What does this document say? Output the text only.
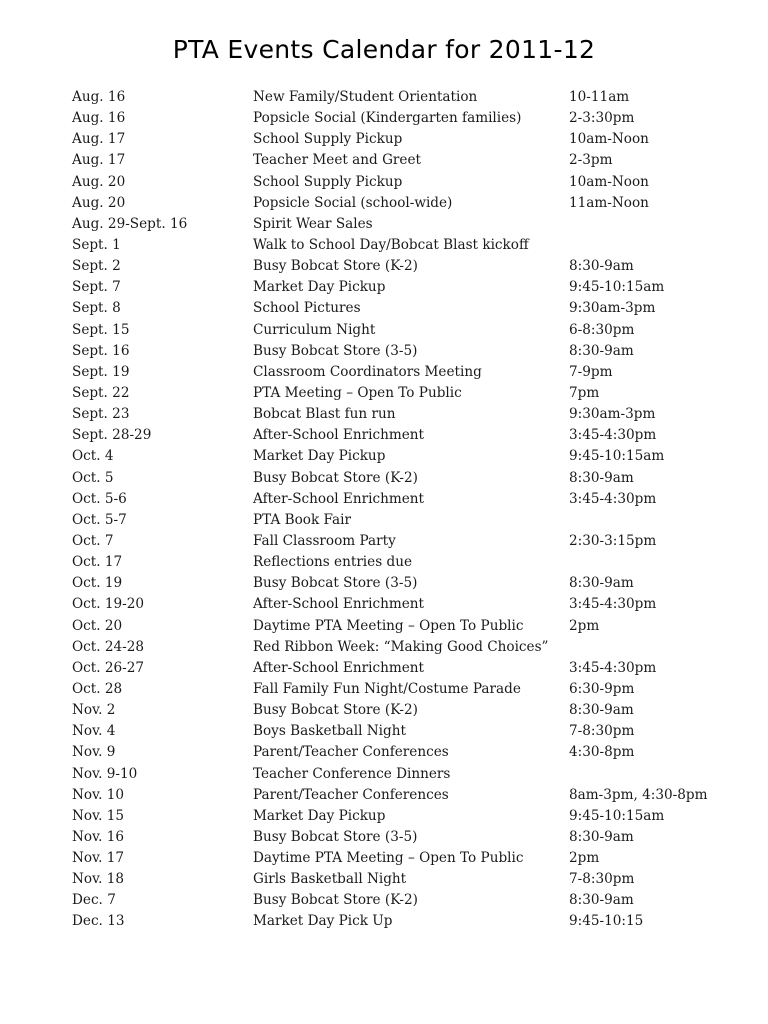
PTA Events Calendar for 2011-12
Aug. 16	New Family/Student Orientation	10-11am
Aug. 16	Popsicle Social (Kindergarten families)	2-3:30pm
Aug. 17	School Supply Pickup	10am-Noon
Aug. 17	Teacher Meet and Greet	2-3pm
Aug. 20	School Supply Pickup	10am-Noon
Aug. 20	Popsicle Social (school-wide)	11am-Noon
Aug. 29-Sept. 16	Spirit Wear Sales
Sept. 1	Walk to School Day/Bobcat Blast kickoff
Sept. 2	Busy Bobcat Store (K-2)	8:30-9am
Sept. 7	Market Day Pickup	9:45-10:15am
Sept. 8	School Pictures	9:30am-3pm
Sept. 15	Curriculum Night	6-8:30pm
Sept. 16	Busy Bobcat Store (3-5)	8:30-9am
Sept. 19	Classroom Coordinators Meeting	7-9pm
Sept. 22	PTA Meeting – Open To Public	7pm
Sept. 23	Bobcat Blast fun run	9:30am-3pm
Sept. 28-29	After-School Enrichment	3:45-4:30pm
Oct. 4	Market Day Pickup	9:45-10:15am
Oct. 5	Busy Bobcat Store (K-2)	8:30-9am
Oct. 5-6	After-School Enrichment	3:45-4:30pm
Oct. 5-7	PTA Book Fair
Oct. 7	Fall Classroom Party	2:30-3:15pm
Oct. 17	Reflections entries due
Oct. 19	Busy Bobcat Store (3-5)	8:30-9am
Oct. 19-20	After-School Enrichment	3:45-4:30pm
Oct. 20	Daytime PTA Meeting – Open To Public	2pm
Oct. 24-28	Red Ribbon Week: “Making Good Choices”
Oct. 26-27	After-School Enrichment	3:45-4:30pm
Oct. 28	Fall Family Fun Night/Costume Parade	6:30-9pm
Nov. 2	Busy Bobcat Store (K-2)	8:30-9am
Nov. 4	Boys Basketball Night	7-8:30pm
Nov. 9	Parent/Teacher Conferences	4:30-8pm
Nov. 9-10	Teacher Conference Dinners
Nov. 10	Parent/Teacher Conferences	8am-3pm, 4:30-8pm
Nov. 15	Market Day Pickup	9:45-10:15am
Nov. 16	Busy Bobcat Store (3-5)	8:30-9am
Nov. 17	Daytime PTA Meeting – Open To Public	2pm
Nov. 18	Girls Basketball Night	7-8:30pm
Dec. 7	Busy Bobcat Store (K-2)	8:30-9am
Dec. 13	Market Day Pick Up	9:45-10:15
